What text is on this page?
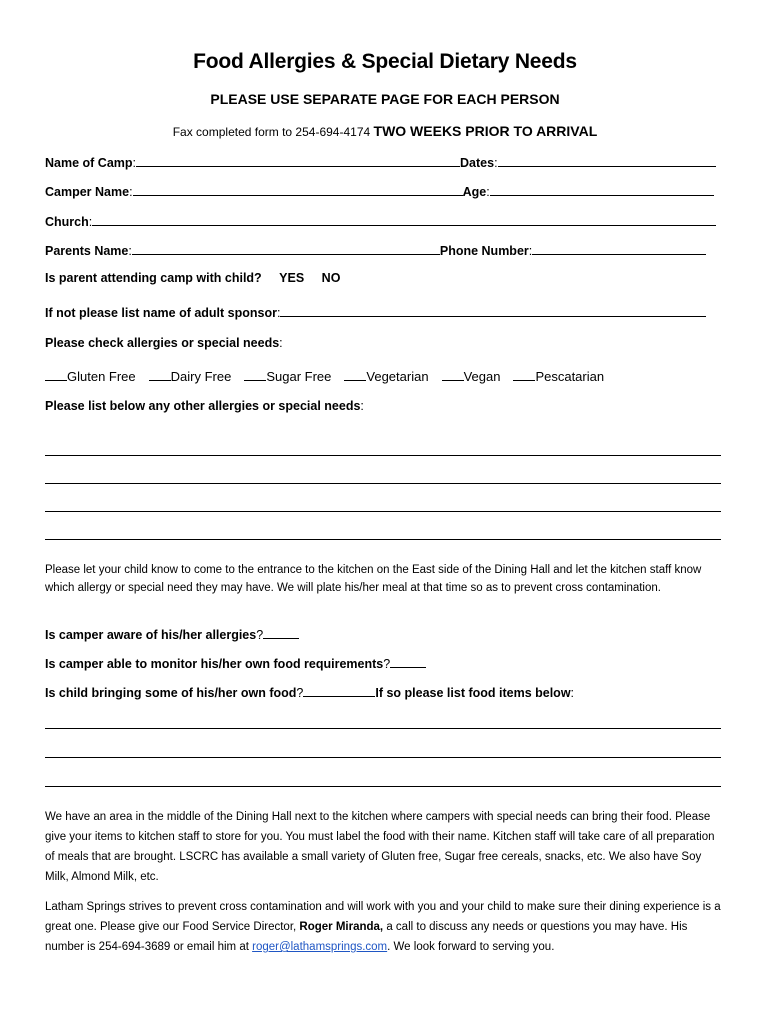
Food Allergies & Special Dietary Needs
PLEASE USE SEPARATE PAGE FOR EACH PERSON
Fax completed form to 254-694-4174 TWO WEEKS PRIOR TO ARRIVAL
Name of Camp:	Dates:
Camper Name:	Age:
Church:
Parents Name:	Phone Number:
Is parent attending camp with child? YES NO
If not please list name of adult sponsor:
Please check allergies or special needs:
Gluten Free	Dairy Free	Sugar Free	Vegetarian	Vegan	Pescatarian
Please list below any other allergies or special needs:
Please let your child know to come to the entrance to the kitchen on the East side of the Dining Hall and let the kitchen staff know which allergy or special need they may have. We will plate his/her meal at that time so as to prevent cross contamination.
Is camper aware of his/her allergies?
Is camper able to monitor his/her own food requirements?
Is child bringing some of his/her own food?	If so please list food items below:
We have an area in the middle of the Dining Hall next to the kitchen where campers with special needs can bring their food. Please give your items to kitchen staff to store for you. You must label the food with their name. Kitchen staff will take care of all preparation of meals that are brought. LSCRC has available a small variety of Gluten free, Sugar free cereals, snacks, etc. We also have Soy Milk, Almond Milk, etc.
Latham Springs strives to prevent cross contamination and will work with you and your child to make sure their dining experience is a great one. Please give our Food Service Director, Roger Miranda, a call to discuss any needs or questions you may have. His number is 254-694-3689 or email him at roger@lathamsprings.com. We look forward to serving you.
